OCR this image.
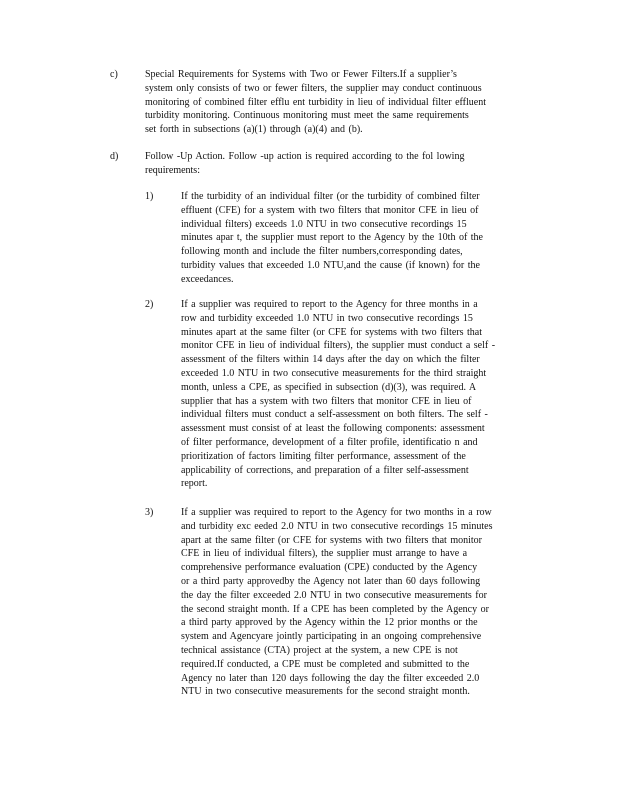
c)	Special Requirements for Systems with Two or Fewer Filters.If a supplier’s
system only consists of two or fewer filters, the supplier may conduct continuous
monitoring of combined filter efflu ent turbidity in lieu of individual filter effluent
turbidity monitoring. Continuous monitoring must meet the same requirements
set forth in subsections (a)(1) through (a)(4) and (b).
d)	Follow -Up Action. Follow -up action is required according to the fol lowing
requirements:
1)	If the turbidity of an individual filter (or the turbidity of combined filter
effluent (CFE) for a system with two filters that monitor CFE in lieu of
individual filters) exceeds 1.0 NTU in two consecutive recordings 15
minutes apar t, the supplier must report to the Agency by the 10th of the
following month and include the filter numbers,corresponding dates,
turbidity values that exceeded 1.0 NTU,and the cause (if known) for the
exceedances.
2)	If a supplier was required to report to the Agency for three months in a
row and turbidity exceeded 1.0 NTU in two consecutive recordings 15
minutes apart at the same filter (or CFE for systems with two filters that
monitor CFE in lieu of individual filters), the supplier must conduct a self -
assessment of the filters within 14 days after the day on which the filter
exceeded 1.0 NTU in two consecutive measurements for the third straight
month, unless a CPE, as specified in subsection (d)(3), was required. A
supplier that has a system with two filters that monitor CFE in lieu of
individual filters must conduct a self-assessment on both filters. The self -
assessment must consist of at least the following components: assessment
of filter performance, development of a filter profile, identificatio n and
prioritization of factors limiting filter performance, assessment of the
applicability of corrections, and preparation of a filter self-assessment
report.
3)	If a supplier was required to report to the Agency for two months in a row
and turbidity exc eeded 2.0 NTU in two consecutive recordings 15 minutes
apart at the same filter (or CFE for systems with two filters that monitor
CFE in lieu of individual filters), the supplier must arrange to have a
comprehensive performance evaluation (CPE) conducted by the Agency
or a third party approvedby the Agency not later than 60 days following
the day the filter exceeded 2.0 NTU in two consecutive measurements for
the second straight month. If a CPE has been completed by the Agency or
a third party approved by the Agency within the 12 prior months or the
system and Agencyare jointly participating in an ongoing comprehensive
technical assistance (CTA) project at the system, a new CPE is not
required.If conducted, a CPE must be completed and submitted to the
Agency no later than 120 days following the day the filter exceeded 2.0
NTU in two consecutive measurements for the second straight month.
